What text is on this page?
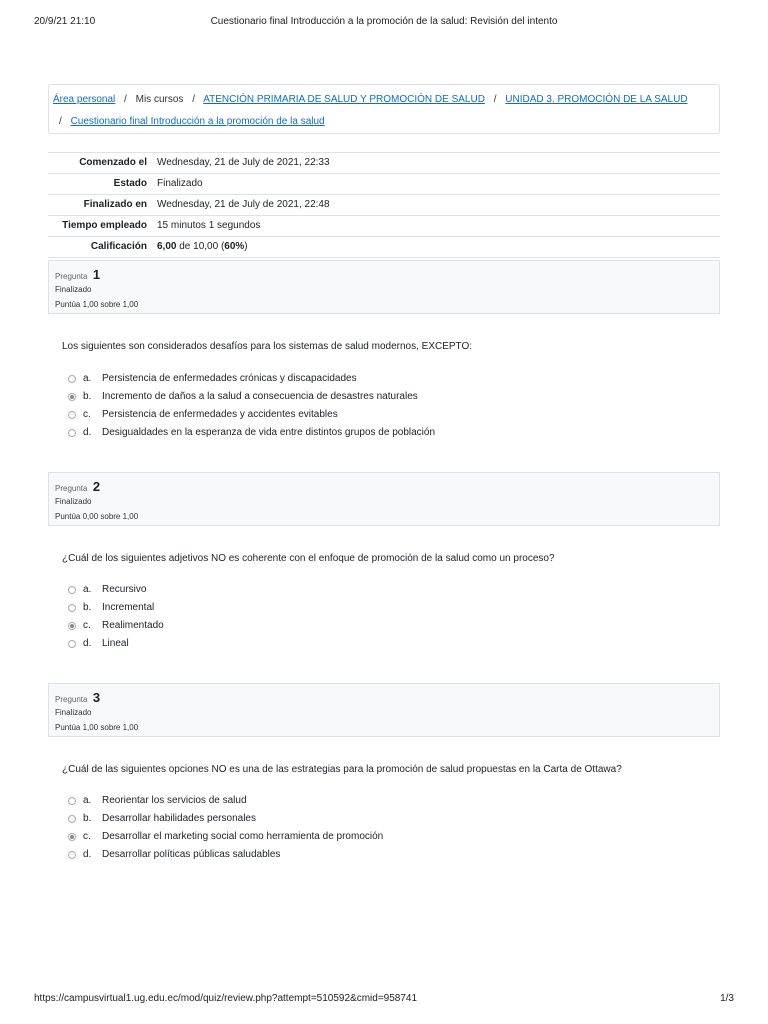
20/9/21 21:10	Cuestionario final Introducción a la promoción de la salud: Revisión del intento
Área personal / Mis cursos / ATENCIÓN PRIMARIA DE SALUD Y PROMOCIÓN DE SALUD / UNIDAD 3. PROMOCIÓN DE LA SALUD
/ Cuestionario final Introducción a la promoción de la salud
Comenzado el	Wednesday, 21 de July de 2021, 22:33
Estado	Finalizado
Finalizado en	Wednesday, 21 de July de 2021, 22:48
Tiempo empleado	15 minutos 1 segundos
Calificación	6,00 de 10,00 (60%)
Pregunta 1
Finalizado
Puntúa 1,00 sobre 1,00
Los siguientes son considerados desafíos para los sistemas de salud modernos, EXCEPTO:
a. Persistencia de enfermedades crónicas y discapacidades
b. Incremento de daños a la salud a consecuencia de desastres naturales
c. Persistencia de enfermedades y accidentes evitables
d. Desigualdades en la esperanza de vida entre distintos grupos de población
Pregunta 2
Finalizado
Puntúa 0,00 sobre 1,00
¿Cuál de los siguientes adjetivos NO es coherente con el enfoque de promoción de la salud como un proceso?
a. Recursivo
b. Incremental
c. Realimentado
d. Lineal
Pregunta 3
Finalizado
Puntúa 1,00 sobre 1,00
¿Cuál de las siguientes opciones NO es una de las estrategias para la promoción de salud propuestas en la Carta de Ottawa?
a. Reorientar los servicios de salud
b. Desarrollar habilidades personales
c. Desarrollar el marketing social como herramienta de promoción
d. Desarrollar políticas públicas saludables
https://campusvirtual1.ug.edu.ec/mod/quiz/review.php?attempt=510592&cmid=958741	1/3
